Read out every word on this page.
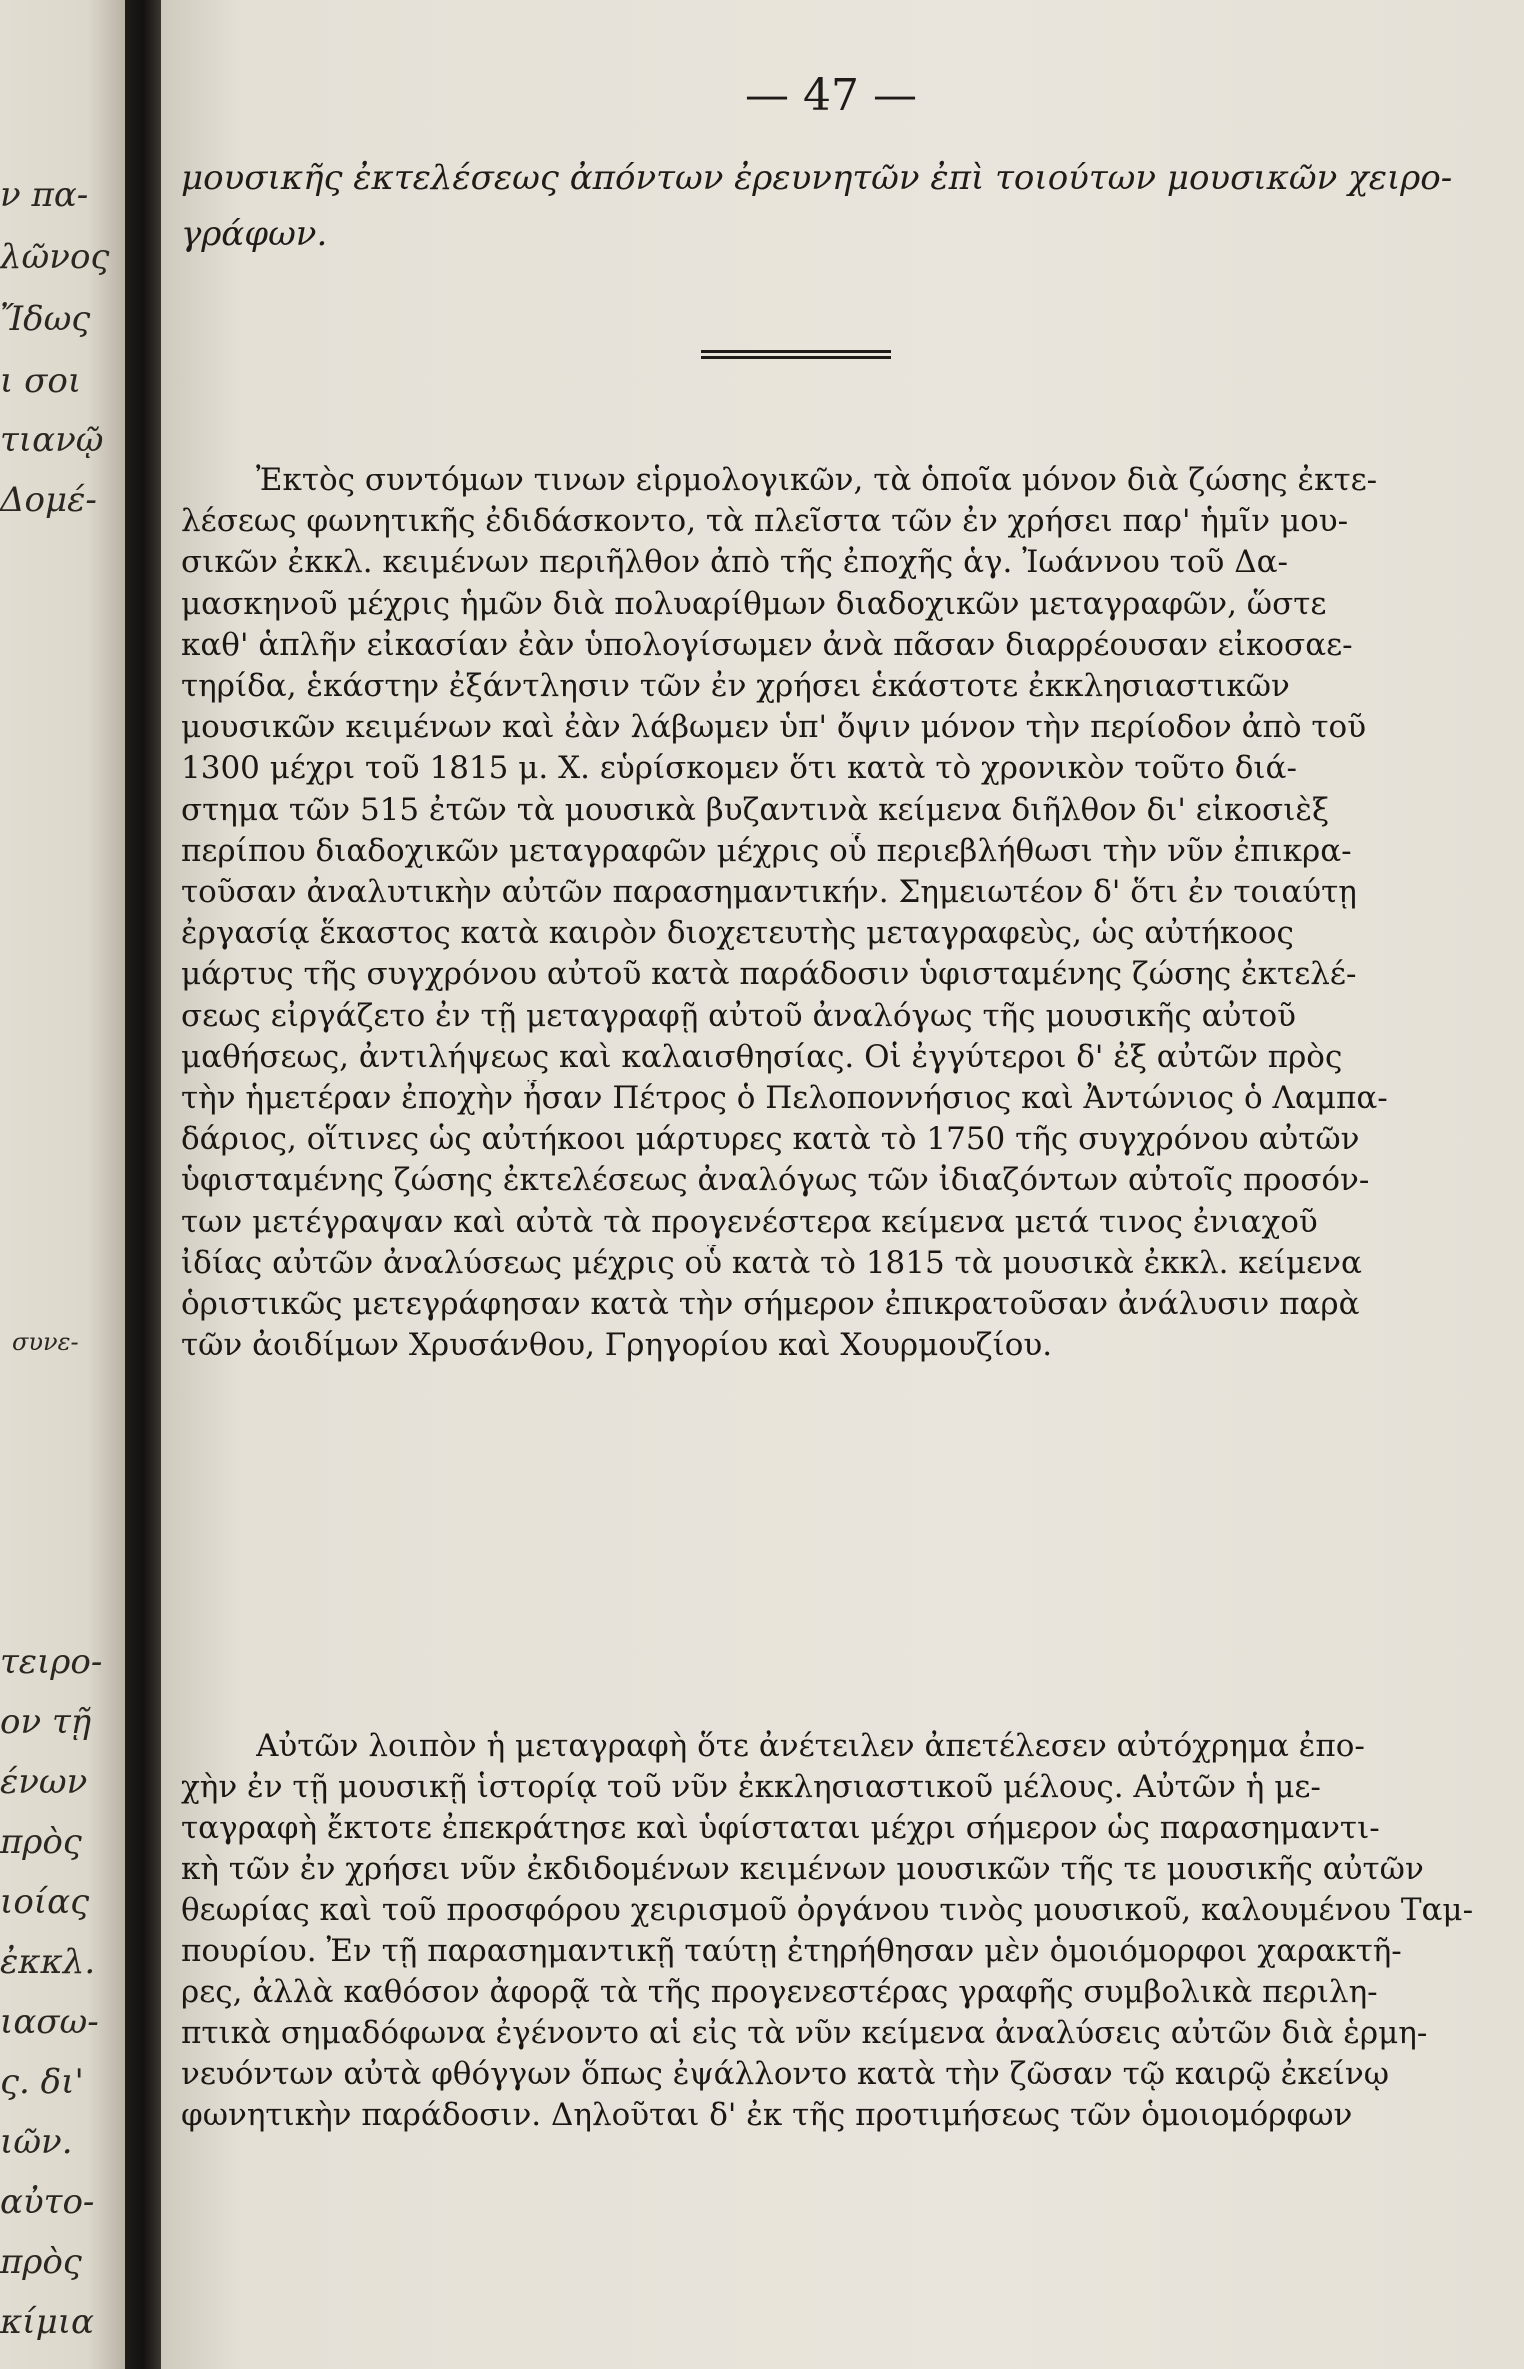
ν πα-
λῶνος
Ἴδως
ι σοι
τιανῷ
Δομέ-
συνε-
τειρο-
ον τῇ
ένων
πρὸς
ιοίας
ἐκκλ.
ιασω-
ς. δι'
ιῶν.
αὐτο-
πρὸς
κίμια
— 47 —
μουσικῆς ἐκτελέσεως ἀπόντων ἐρευνητῶν ἐπὶ τοιούτων μουσικῶν χειρο-
γράφων.
Ἐκτὸς συντόμων τινων εἱρμολογικῶν, τὰ ὁποῖα μόνον διὰ ζώσης ἐκτε-
λέσεως φωνητικῆς ἐδιδάσκοντο, τὰ πλεῖστα τῶν ἐν χρήσει παρ' ἡμῖν μου-
σικῶν ἐκκλ. κειμένων περιῆλθον ἀπὸ τῆς ἐποχῆς ἁγ. Ἰωάννου τοῦ Δα-
μασκηνοῦ μέχρις ἡμῶν διὰ πολυαρίθμων διαδοχικῶν μεταγραφῶν, ὥστε
καθ' ἁπλῆν εἰκασίαν ἐὰν ὑπολογίσωμεν ἀνὰ πᾶσαν διαρρέουσαν εἰκοσαε-
τηρίδα, ἑκάστην ἐξάντλησιν τῶν ἐν χρήσει ἑκάστοτε ἐκκλησιαστικῶν
μουσικῶν κειμένων καὶ ἐὰν λάβωμεν ὑπ' ὄψιν μόνον τὴν περίοδον ἀπὸ τοῦ
1300 μέχρι τοῦ 1815 μ. Χ. εὑρίσκομεν ὅτι κατὰ τὸ χρονικὸν τοῦτο διά-
στημα τῶν 515 ἐτῶν τὰ μουσικὰ βυζαντινὰ κείμενα διῆλθον δι' εἰκοσιὲξ
περίπου διαδοχικῶν μεταγραφῶν μέχρις οὗ περιεβλήθωσι τὴν νῦν ἐπικρα-
τοῦσαν ἀναλυτικὴν αὐτῶν παρασημαντικήν. Σημειωτέον δ' ὅτι ἐν τοιαύτῃ
ἐργασίᾳ ἕκαστος κατὰ καιρὸν διοχετευτὴς μεταγραφεὺς, ὡς αὐτήκοος
μάρτυς τῆς συγχρόνου αὐτοῦ κατὰ παράδοσιν ὑφισταμένης ζώσης ἐκτελέ-
σεως εἰργάζετο ἐν τῇ μεταγραφῇ αὐτοῦ ἀναλόγως τῆς μουσικῆς αὐτοῦ
μαθήσεως, ἀντιλήψεως καὶ καλαισθησίας. Οἱ ἐγγύτεροι δ' ἐξ αὐτῶν πρὸς
τὴν ἡμετέραν ἐποχὴν ἦσαν Πέτρος ὁ Πελοποννήσιος καὶ Ἀντώνιος ὁ Λαμπα-
δάριος, οἵτινες ὡς αὐτήκοοι μάρτυρες κατὰ τὸ 1750 τῆς συγχρόνου αὐτῶν
ὑφισταμένης ζώσης ἐκτελέσεως ἀναλόγως τῶν ἰδιαζόντων αὐτοῖς προσόν-
των μετέγραψαν καὶ αὐτὰ τὰ προγενέστερα κείμενα μετά τινος ἐνιαχοῦ
ἰδίας αὐτῶν ἀναλύσεως μέχρις οὗ κατὰ τὸ 1815 τὰ μουσικὰ ἐκκλ. κείμενα
ὁριστικῶς μετεγράφησαν κατὰ τὴν σήμερον ἐπικρατοῦσαν ἀνάλυσιν παρὰ
τῶν ἀοιδίμων Χρυσάνθου, Γρηγορίου καὶ Χουρμουζίου.
Αὐτῶν λοιπὸν ἡ μεταγραφὴ ὅτε ἀνέτειλεν ἀπετέλεσεν αὐτόχρημα ἐπο-
χὴν ἐν τῇ μουσικῇ ἱστορίᾳ τοῦ νῦν ἐκκλησιαστικοῦ μέλους. Αὐτῶν ἡ με-
ταγραφὴ ἔκτοτε ἐπεκράτησε καὶ ὑφίσταται μέχρι σήμερον ὡς παρασημαντι-
κὴ τῶν ἐν χρήσει νῦν ἐκδιδομένων κειμένων μουσικῶν τῆς τε μουσικῆς αὐτῶν
θεωρίας καὶ τοῦ προσφόρου χειρισμοῦ ὀργάνου τινὸς μουσικοῦ, καλουμένου Ταμ-
πουρίου. Ἐν τῇ παρασημαντικῇ ταύτῃ ἐτηρήθησαν μὲν ὁμοιόμορφοι χαρακτῆ-
ρες, ἀλλὰ καθόσον ἀφορᾷ τὰ τῆς προγενεστέρας γραφῆς συμβολικὰ περιλη-
πτικὰ σημαδόφωνα ἐγένοντο αἱ εἰς τὰ νῦν κείμενα ἀναλύσεις αὐτῶν διὰ ἑρμη-
νευόντων αὐτὰ φθόγγων ὅπως ἐψάλλοντο κατὰ τὴν ζῶσαν τῷ καιρῷ ἐκείνῳ
φωνητικὴν παράδοσιν. Δηλοῦται δ' ἐκ τῆς προτιμήσεως τῶν ὁμοιομόρφων
